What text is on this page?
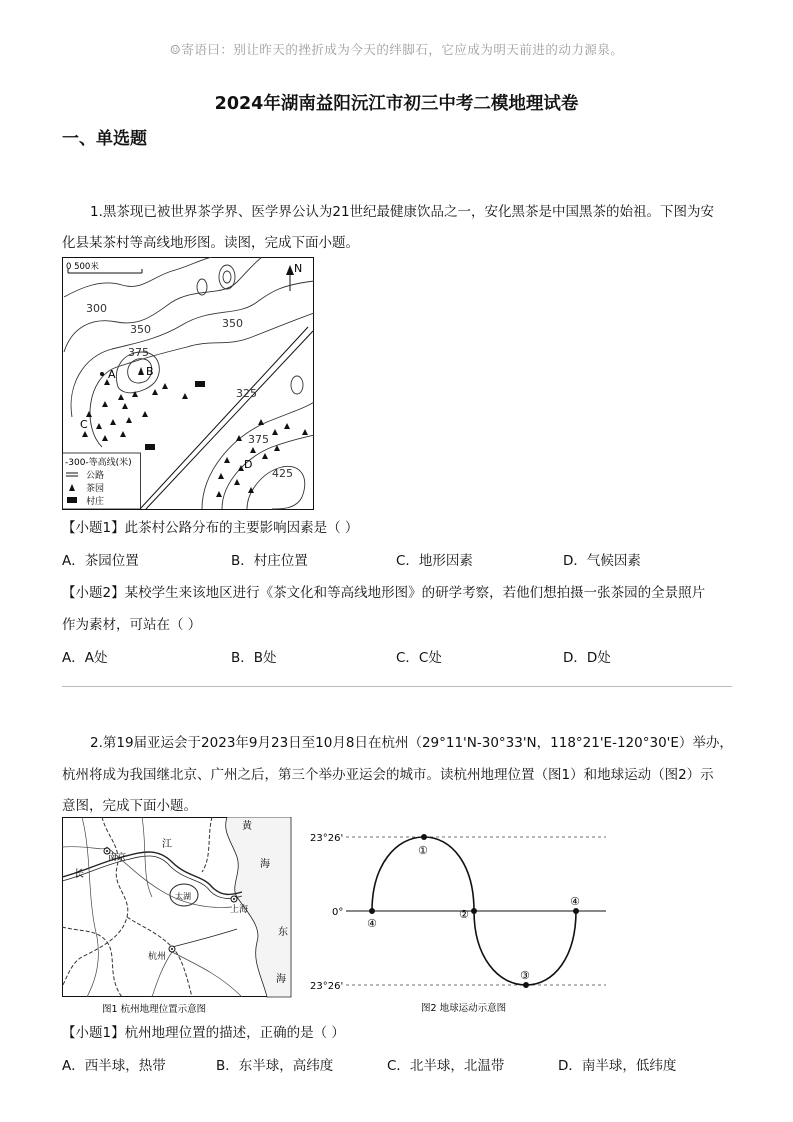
☺寄语曰：别让昨天的挫折成为今天的绊脚石，它应成为明天前进的动力源泉。
2024年湖南益阳沅江市初三中考二模地理试卷
一、单选题
1.黑茶现已被世界茶学界、医学界公认为21世纪最健康饮品之一，安化黑茶是中国黑茶的始祖。下图为安
化县某茶村等高线地形图。读图，完成下面小题。
0 500米	N
300
350	350
375
325
375
425
A	B
C
D
-300-等高线(米)
公路
茶园
村庄
【小题1】此茶村公路分布的主要影响因素是（ ）
A．茶园位置	B．村庄位置	C．地形因素	D．气候因素
【小题2】某校学生来该地区进行《茶文化和等高线地形图》的研学考察，若他们想拍摄一张茶园的全景照片
作为素材，可站在（ ）
A．A处	B．B处	C．C处	D．D处
2.第19届亚运会于2023年9月23日至10月8日在杭州（29°11'N-30°33'N，118°21'E-120°30'E）举办，
杭州将成为我国继北京、广州之后，第三个举办亚运会的城市。读杭州地理位置（图1）和地球运动（图2）示
意图，完成下面小题。
南京
江
长
太湖
上海
杭州
黄
海
东
海
图1 杭州地理位置示意图
23°26'
0°
23°26'
④
①
②
③
④
图2 地球运动示意图
【小题1】杭州地理位置的描述，正确的是（ ）
A．西半球，热带	B．东半球，高纬度	C．北半球，北温带	D．南半球，低纬度
